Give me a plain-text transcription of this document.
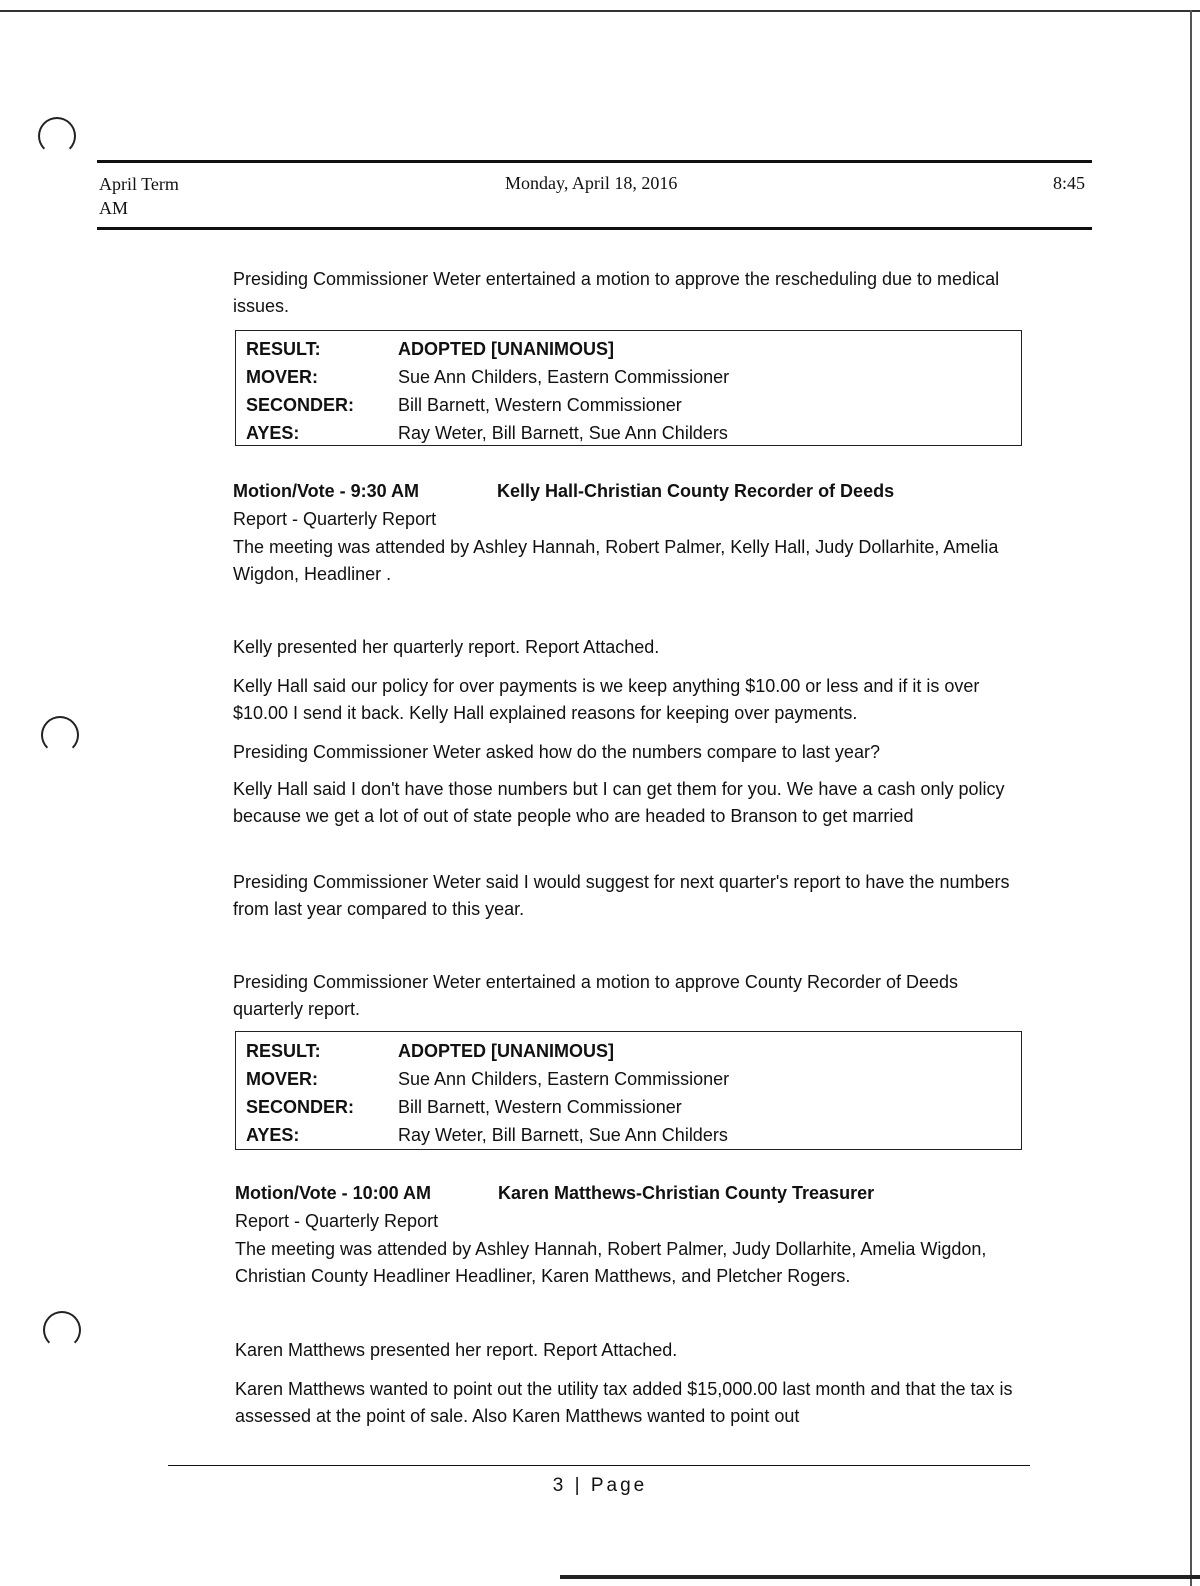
April Term
AM
Monday, April 18, 2016	8:45

Presiding Commissioner Weter entertained a motion to approve the rescheduling due to medical issues.

RESULT:	ADOPTED [UNANIMOUS]
MOVER:	Sue Ann Childers, Eastern Commissioner
SECONDER: Bill Barnett, Western Commissioner
AYES:	Ray Weter, Bill Barnett, Sue Ann Childers
Motion/Vote - 9:30 AM	Kelly Hall-Christian County Recorder of Deeds
Report - Quarterly Report

The meeting was attended by Ashley Hannah, Robert Palmer, Kelly Hall, Judy Dollarhite, Amelia Wigdon, Headliner .

Kelly presented her quarterly report. Report Attached.

Kelly Hall said our policy for over payments is we keep anything $10.00 or less and if it is over $10.00 I send it back. Kelly Hall explained reasons for keeping over payments.

Presiding Commissioner Weter asked how do the numbers compare to last year?

Kelly Hall said I don't have those numbers but I can get them for you. We have a cash only policy because we get a lot of out of state people who are headed to Branson to get married

Presiding Commissioner Weter said I would suggest for next quarter's report to have the numbers from last year compared to this year.

Presiding Commissioner Weter entertained a motion to approve County Recorder of Deeds quarterly report.

RESULT:	ADOPTED [UNANIMOUS]
MOVER:	Sue Ann Childers, Eastern Commissioner
SECONDER: Bill Barnett, Western Commissioner
AYES:	Ray Weter, Bill Barnett, Sue Ann Childers
Motion/Vote - 10:00 AM	Karen Matthews-Christian County Treasurer
Report - Quarterly Report

The meeting was attended by Ashley Hannah, Robert Palmer, Judy Dollarhite, Amelia Wigdon, Christian County Headliner Headliner, Karen Matthews, and Pletcher Rogers.

Karen Matthews presented her report. Report Attached.

Karen Matthews wanted to point out the utility tax added $15,000.00 last month and that the tax is assessed at the point of sale. Also Karen Matthews wanted to point out

3 | Page
